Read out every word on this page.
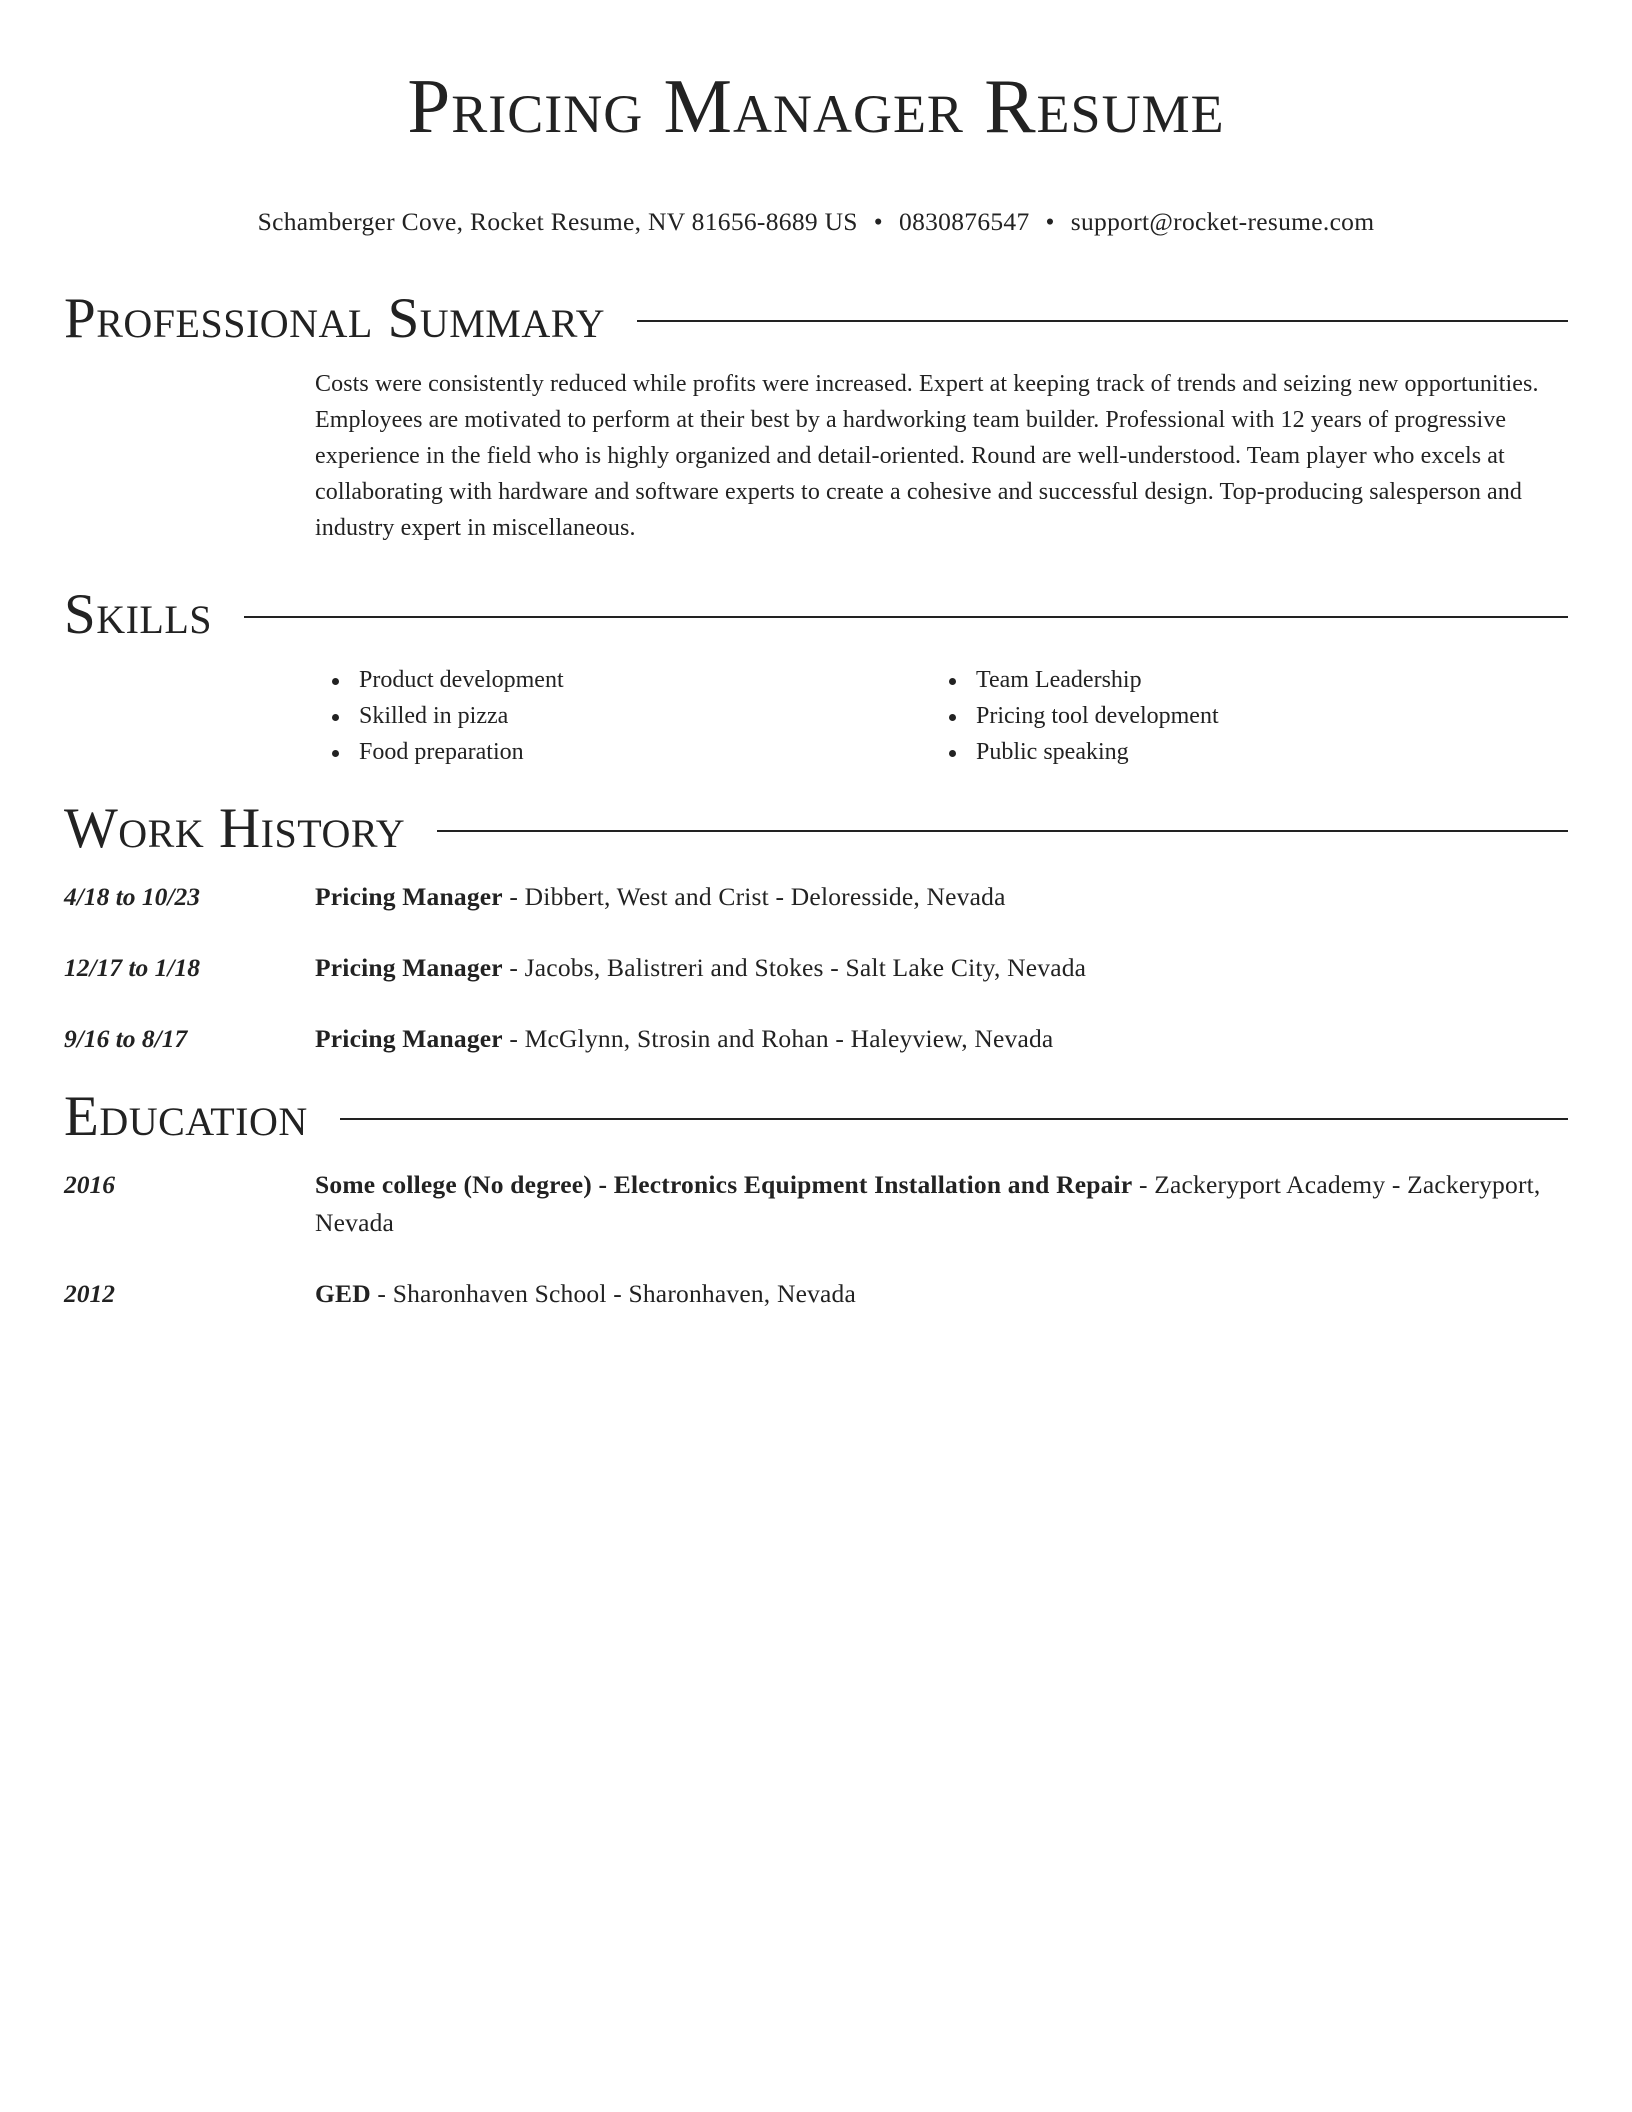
Pricing Manager Resume
Schamberger Cove, Rocket Resume, NV 81656-8689 US • 0830876547 • support@rocket-resume.com
Professional Summary
Costs were consistently reduced while profits were increased. Expert at keeping track of trends and seizing new opportunities. Employees are motivated to perform at their best by a hardworking team builder. Professional with 12 years of progressive experience in the field who is highly organized and detail-oriented. Round are well-understood. Team player who excels at collaborating with hardware and software experts to create a cohesive and successful design. Top-producing salesperson and industry expert in miscellaneous.
Skills
Product development
Skilled in pizza
Food preparation
Team Leadership
Pricing tool development
Public speaking
Work History
4/18 to 10/23	Pricing Manager - Dibbert, West and Crist - Deloresside, Nevada
12/17 to 1/18	Pricing Manager - Jacobs, Balistreri and Stokes - Salt Lake City, Nevada
9/16 to 8/17	Pricing Manager - McGlynn, Strosin and Rohan - Haleyview, Nevada
Education
2016	Some college (No degree) - Electronics Equipment Installation and Repair - Zackeryport Academy - Zackeryport, Nevada
2012	GED - Sharonhaven School - Sharonhaven, Nevada
